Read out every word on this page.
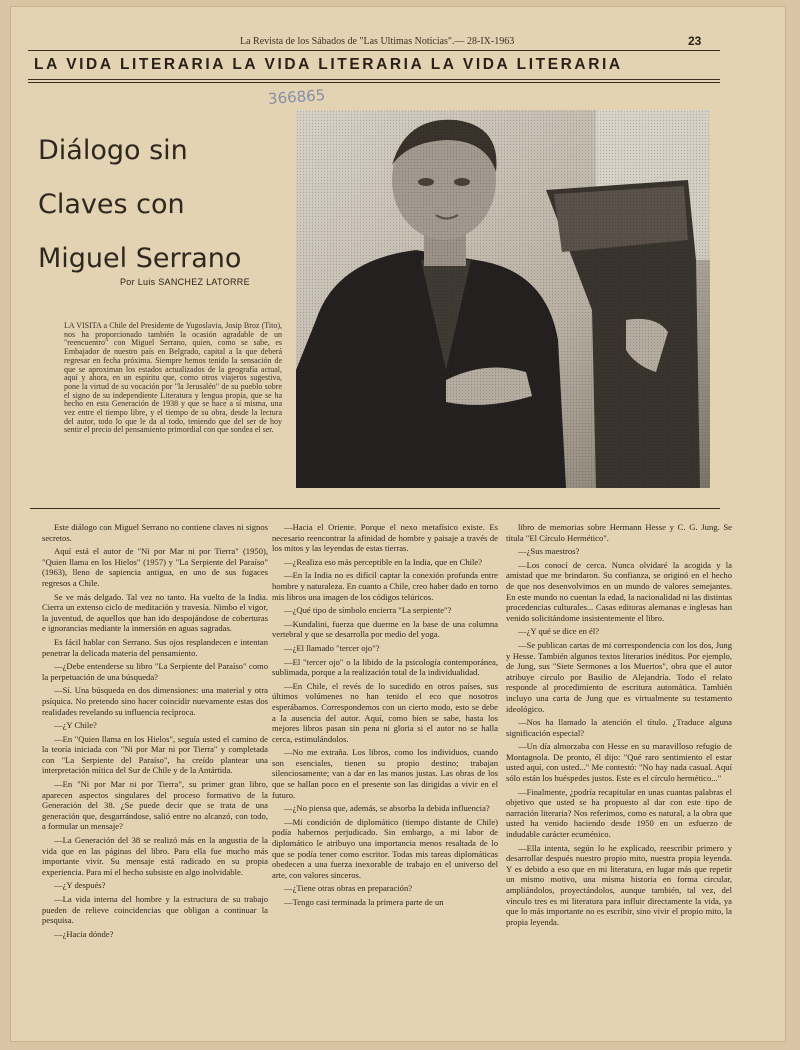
La Revista de los Sábados de "Las Ultimas Noticias".— 28-IX-1963	23
LA VIDA LITERARIA LA VIDA LITERARIA LA VIDA LITERARIA
366865
Diálogo sin
Claves con
Miguel Serrano
Por Luis SANCHEZ LATORRE
LA VISITA a Chile del Presidente de Yugoslavia, Josip Broz (Tito), nos ha proporcionado también la ocasión agradable de un "reencuentro" con Miguel Serrano, quien, como se sabe, es Embajador de nuestro país en Belgrado, capital a la que deberá regresar en fecha próxima. Siempre hemos tenido la sensación de que se aproximan los estados actualizados de la geografía actual, aquí y ahora, en un espíritu que, como otros viajeros sugestiva, pone la virtud de su vocación por "la Jerusalén" de su pueblo sobre el signo de su independiente Literatura y lengua propia, que se ha hecho en esta Generación de 1938 y que se hace a sí misma, una vez entre el tiempo libre, y el tiempo de su obra, desde la lectura del autor, todo lo que le da al todo, teniendo que del ser de hoy sentir el precio del pensamiento primordial con que sondea el ser.

Este diálogo con Miguel Serrano no contiene claves ni signos secretos.

Aquí está el autor de "Ni por Mar ni por Tierra" (1950), "Quien llama en los Hielos" (1957) y "La Serpiente del Paraíso" (1963), lleno de sapiencia antigua, en uno de sus fugaces regresos a Chile.

Se ve más delgado. Tal vez no tanto. Ha vuelto de la India. Cierra un extenso ciclo de meditación y travesía. Nimbo el vigor, la juventud, de aquellos que han ido despojándose de coberturas e ignorancias mediante la inmersión en aguas sagradas.

Es fácil hablar con Serrano. Sus ojos resplandecen e intentan penetrar la delicada materia del pensamiento.

—¿Debe entenderse su libro "La Serpiente del Paraíso" como la perpetuación de una búsqueda?

—Sí. Una búsqueda en dos dimensiones: una material y otra psíquica. No pretendo sino hacer coincidir nuevamente estas dos realidades revelando su influencia recíproca.

—¿Y Chile?

—En "Quien llama en los Hielos", seguía usted el camino de la teoría iniciada con "Ni por Mar ni por Tierra" y completada con "La Serpiente del Paraíso", ha creído plantear una interpretación mítica del Sur de Chile y de la Antártida.

—En "Ni por Mar ni por Tierra", su primer gran libro, aparecen aspectos singulares del proceso formativo de la Generación del 38. ¿Se puede decir que se trata de una generación que, desgarrándose, salió entre no alcanzó, con todo, a formular un mensaje?

—La Generación del 38 se realizó más en la angustia de la vida que en las páginas del libro. Para ella fue mucho más importante vivir. Su mensaje está radicado en su propia experiencia. Para mí el hecho subsiste en algo inolvidable.

—¿Y después?

—La vida interna del hombre y la estructura de su trabajo pueden de relieve coincidencias que obligan a continuar la pesquisa.

—¿Hacia dónde?

—Hacia el Oriente. Porque el nexo metafísico existe. Es necesario reencontrar la afinidad de hombre y paisaje a través de los mitos y las leyendas de estas tierras.

—¿Realiza eso más perceptible en la India, que en Chile?

—En la India no es difícil captar la conexión profunda entre hombre y naturaleza. En cuanto a Chile, creo haber dado en torno mis libros una imagen de los códigos telúricos.

—¿Qué tipo de símbolo encierra "La serpiente"?

—Kundalini, fuerza que duerme en la base de una columna vertebral y que se desarrolla por medio del yoga.

—¿El llamado "tercer ojo"?

—El "tercer ojo" o la libido de la psicología contemporánea, sublimada, porque a la realización total de la individualidad.

—En Chile, el revés de lo sucedido en otros países, sus últimos volúmenes no han tenido el eco que nosotros esperábamos. Correspondemos con un cierto modo, esto se debe a la ausencia del autor. Aquí, como bien se sabe, hasta los mejores libros pasan sin pena ni gloria si el autor no se halla cerca, estimulándolos.

—No me extraña. Los libros, como los individuos, cuando son esenciales, tienen su propio destino; trabajan silenciosamente; van a dar en las manos justas. Las obras de los que se hallan poco en el presente son las dirigidas a vivir en el futuro.

—¿No piensa que, además, se absorba la debida influencia?

—Mi condición de diplomático (tiempo distante de Chile) podía habernos perjudicado. Sin embargo, a mi labor de diplomático le atribuyo una importancia menos resaltada de lo que se podía tener como escritor. Todas mis tareas diplomáticas obedecen a una fuerza inexorable de trabajo en el universo del arte, con valores sinceros.

—¿Tiene otras obras en preparación?

—Tengo casi terminada la primera parte de un

libro de memorias sobre Hermann Hesse y C. G. Jung. Se titula "El Círculo Hermético".

—¿Sus maestros?

—Los conocí de cerca. Nunca olvidaré la acogida y la amistad que me brindaron. Su confianza, se originó en el hecho de que nos desenvolvimos en un mundo de valores semejantes. En este mundo no cuentan la edad, la nacionalidad ni las distintas procedencias culturales... Casas editoras alemanas e inglesas han venido solicitándome insistentemente el libro.

—¿Y qué se dice en él?

—Se publican cartas de mi correspondencia con los dos, Jung y Hesse. También algunos textos literarios inéditos. Por ejemplo, de Jung, sus "Siete Sermones a los Muertos", obra que el autor atribuye circulo por Basilio de Alejandría. Todo el relato responde al procedimiento de escritura automática. También incluyo una carta de Jung que es virtualmente su testamento ideológico.

—Nos ha llamado la atención el título. ¿Traduce alguna significación especial?

—Un día almorzaba con Hesse en su maravilloso refugio de Montagnola. De pronto, él dijo: "Qué raro sentimiento el estar usted aquí, con usted..." Me contestó: "No hay nada casual. Aquí sólo están los huéspedes justos. Este es el círculo hermético..."

—Finalmente, ¿podría recapitular en unas cuantas palabras el objetivo que usted se ha propuesto al dar con este tipo de narración literaria? Nos referimos, como es natural, a la obra que usted ha venido haciendo desde 1950 en un esfuerzo de indudable carácter ecuménico.

—Ella intenta, según lo he explicado, reescribir primero y desarrollar después nuestro propio mito, nuestra propia leyenda. Y es debido a eso que en mi literatura, en lugar más que repetir un mismo motivo, una misma historia en forma circular, ampliándolos, proyectándolos, aunque también, tal vez, del vínculo tres es mi literatura para influir directamente la vida, ya que lo más importante no es escribir, sino vivir el propio mito, la propia leyenda.
